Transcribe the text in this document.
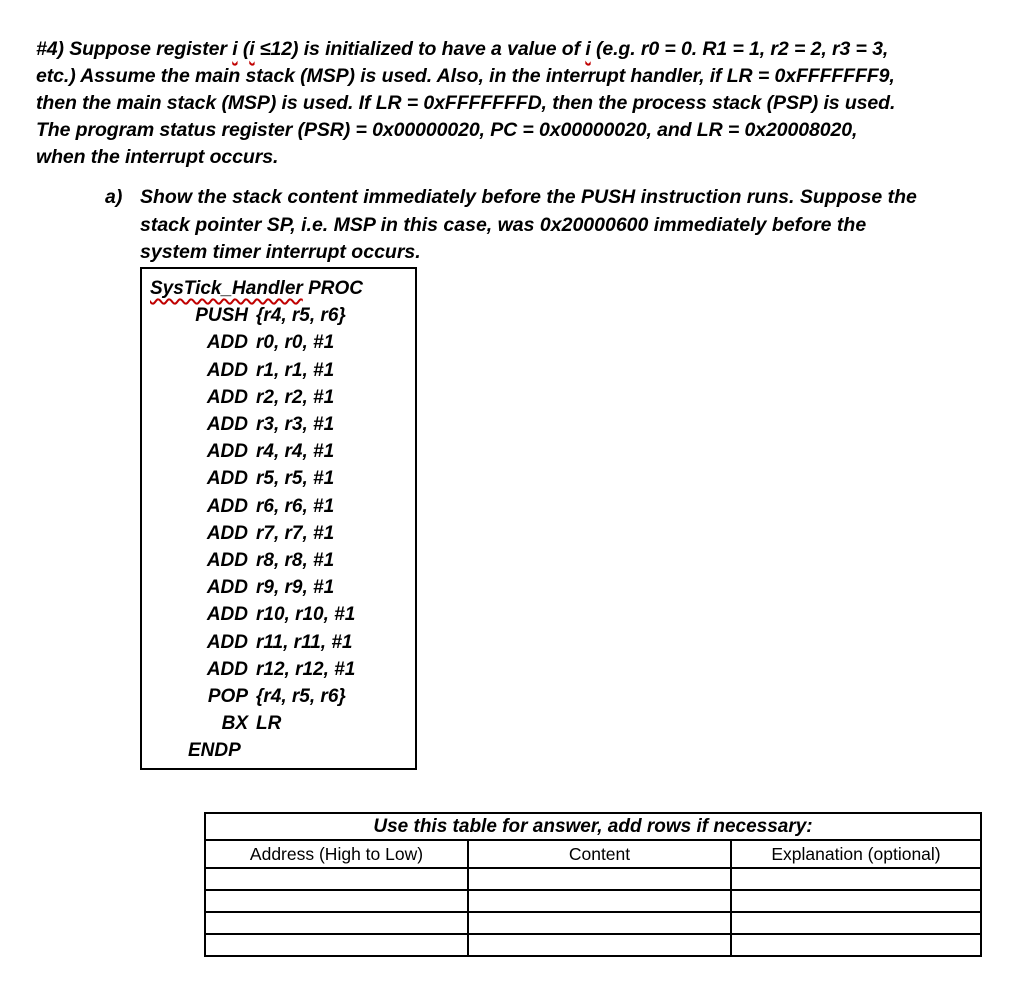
#4) Suppose register i (i ≤12) is initialized to have a value of i (e.g. r0 = 0. R1 = 1, r2 = 2, r3 = 3,
etc.) Assume the main stack (MSP) is used. Also, in the interrupt handler, if LR = 0xFFFFFFF9,
then the main stack (MSP) is used. If LR = 0xFFFFFFFD, then the process stack (PSP) is used.
The program status register (PSR) = 0x00000020, PC = 0x00000020, and LR = 0x20008020,
when the interrupt occurs.
a) Show the stack content immediately before the PUSH instruction runs. Suppose the
stack pointer SP, i.e. MSP in this case, was 0x20000600 immediately before the
system timer interrupt occurs.
SysTick_Handler PROC
PUSH {r4, r5, r6}
ADD r0, r0, #1
ADD r1, r1, #1
ADD r2, r2, #1
ADD r3, r3, #1
ADD r4, r4, #1
ADD r5, r5, #1
ADD r6, r6, #1
ADD r7, r7, #1
ADD r8, r8, #1
ADD r9, r9, #1
ADD r10, r10, #1
ADD r11, r11, #1
ADD r12, r12, #1
POP {r4, r5, r6}
BX LR
ENDP
Use this table for answer, add rows if necessary:		
Address (High to Low)	Content	Explanation (optional)
